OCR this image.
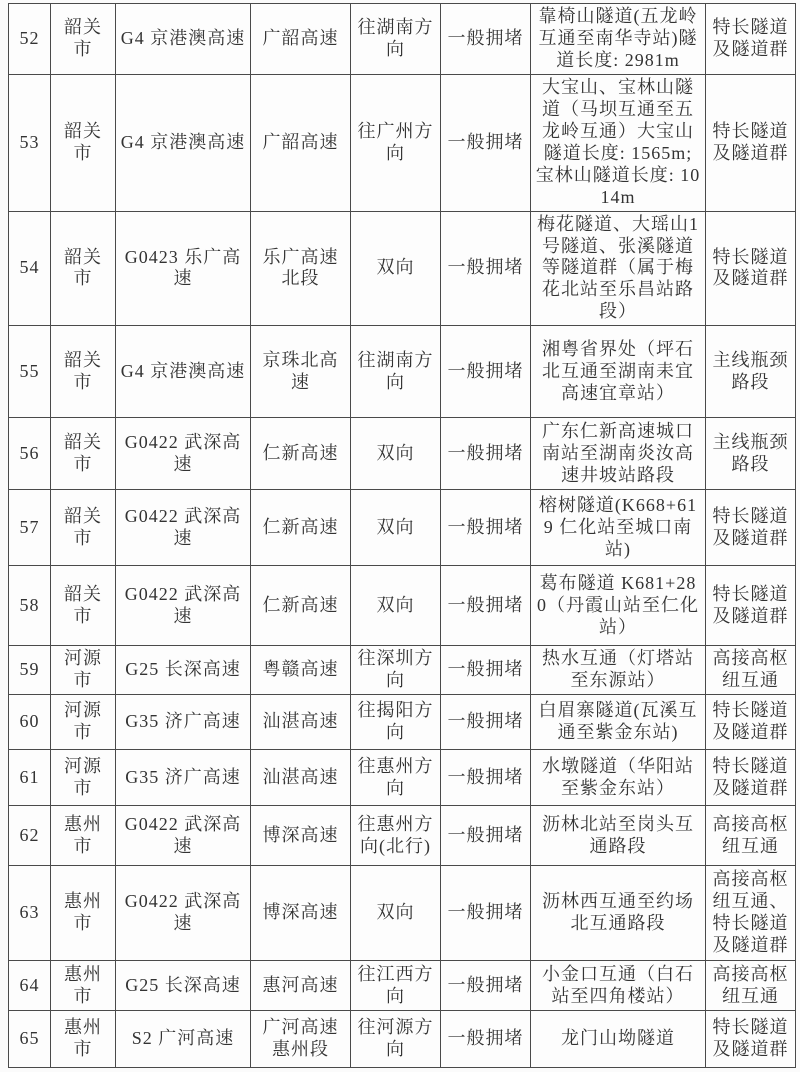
52	韶关市	G4 京港澳高速	广韶高速	往湖南方向	一般拥堵	靠椅山隧道(五龙岭互通至南华寺站)隧道长度: 2981m	特长隧道及隧道群
53	韶关市	G4 京港澳高速	广韶高速	往广州方向	一般拥堵	大宝山、宝林山隧道（马坝互通至五龙岭互通）大宝山隧道长度: 1565m; 宝林山隧道长度: 1014m	特长隧道及隧道群
54	韶关市	G0423 乐广高速	乐广高速北段	双向	一般拥堵	梅花隧道、大瑶山1号隧道、张溪隧道等隧道群（属于梅花北站至乐昌站路段）	特长隧道及隧道群
55	韶关市	G4 京港澳高速	京珠北高速	往湖南方向	一般拥堵	湘粤省界处（坪石北互通至湖南耒宜高速宜章站）	主线瓶颈路段
56	韶关市	G0422 武深高速	仁新高速	双向	一般拥堵	广东仁新高速城口南站至湖南炎汝高速井坡站路段	主线瓶颈路段
57	韶关市	G0422 武深高速	仁新高速	双向	一般拥堵	榕树隧道(K668+619 仁化站至城口南站)	特长隧道及隧道群
58	韶关市	G0422 武深高速	仁新高速	双向	一般拥堵	葛布隧道 K681+280（丹霞山站至仁化站）	特长隧道及隧道群
59	河源市	G25 长深高速	粤赣高速	往深圳方向	一般拥堵	热水互通（灯塔站至东源站）	高接高枢纽互通
60	河源市	G35 济广高速	汕湛高速	往揭阳方向	一般拥堵	白眉寨隧道(瓦溪互通至紫金东站)	特长隧道及隧道群
61	河源市	G35 济广高速	汕湛高速	往惠州方向	一般拥堵	水墩隧道（华阳站至紫金东站）	特长隧道及隧道群
62	惠州市	G0422 武深高速	博深高速	往惠州方向(北行)	一般拥堵	沥林北站至岗头互通路段	高接高枢纽互通
63	惠州市	G0422 武深高速	博深高速	双向	一般拥堵	沥林西互通至约场北互通路段	高接高枢纽互通、特长隧道及隧道群
64	惠州市	G25 长深高速	惠河高速	往江西方向	一般拥堵	小金口互通（白石站至四角楼站）	高接高枢纽互通
65	惠州市	S2 广河高速	广河高速惠州段	往河源方向	一般拥堵	龙门山坳隧道	特长隧道及隧道群
